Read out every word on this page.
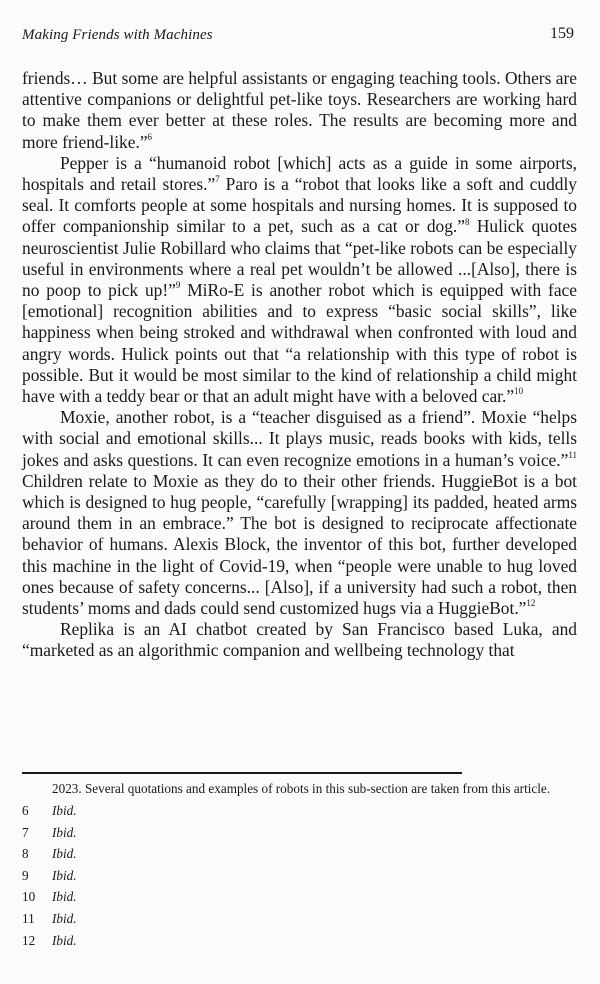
Making Friends with Machines	159

friends… But some are helpful assistants or engaging teaching tools. Others are attentive companions or delightful pet-like toys. Researchers are working hard to make them ever better at these roles. The results are becoming more and more friend-like.”$^6$

Pepper is a “humanoid robot [which] acts as a guide in some airports, hospitals and retail stores.”$^7$ Paro is a “robot that looks like a soft and cuddly seal. It comforts people at some hospitals and nursing homes. It is supposed to offer companionship similar to a pet, such as a cat or dog.”$^8$ Hulick quotes neuroscientist Julie Robillard who claims that “pet-like robots can be especially useful in environments where a real pet wouldn’t be allowed ...[Also], there is no poop to pick up!”$^9$ MiRo-E is another robot which is equipped with face [emotional] recognition abilities and to express “basic social skills”, like happiness when being stroked and withdrawal when confronted with loud and angry words. Hulick points out that “a relationship with this type of robot is possible. But it would be most similar to the kind of relationship a child might have with a teddy bear or that an adult might have with a beloved car.”$^{10}$

Moxie, another robot, is a “teacher disguised as a friend”. Moxie “helps with social and emotional skills... It plays music, reads books with kids, tells jokes and asks questions. It can even recognize emotions in a human’s voice.”$^{11}$ Children relate to Moxie as they do to their other friends. HuggieBot is a bot which is designed to hug people, “carefully [wrapping] its padded, heated arms around them in an embrace.” The bot is designed to reciprocate affectionate behavior of humans. Alexis Block, the inventor of this bot, further developed this machine in the light of Covid-19, when “people were unable to hug loved ones because of safety concerns... [Also], if a university had such a robot, then students’ moms and dads could send customized hugs via a HuggieBot.”$^{12}$

Replika is an AI chatbot created by San Francisco based Luka, and “marketed as an algorithmic companion and wellbeing technology that

2023. Several quotations and examples of robots in this sub-section are taken from this article.
6	Ibid.
7	Ibid.
8	Ibid.
9	Ibid.
10	Ibid.
11	Ibid.
12	Ibid.
